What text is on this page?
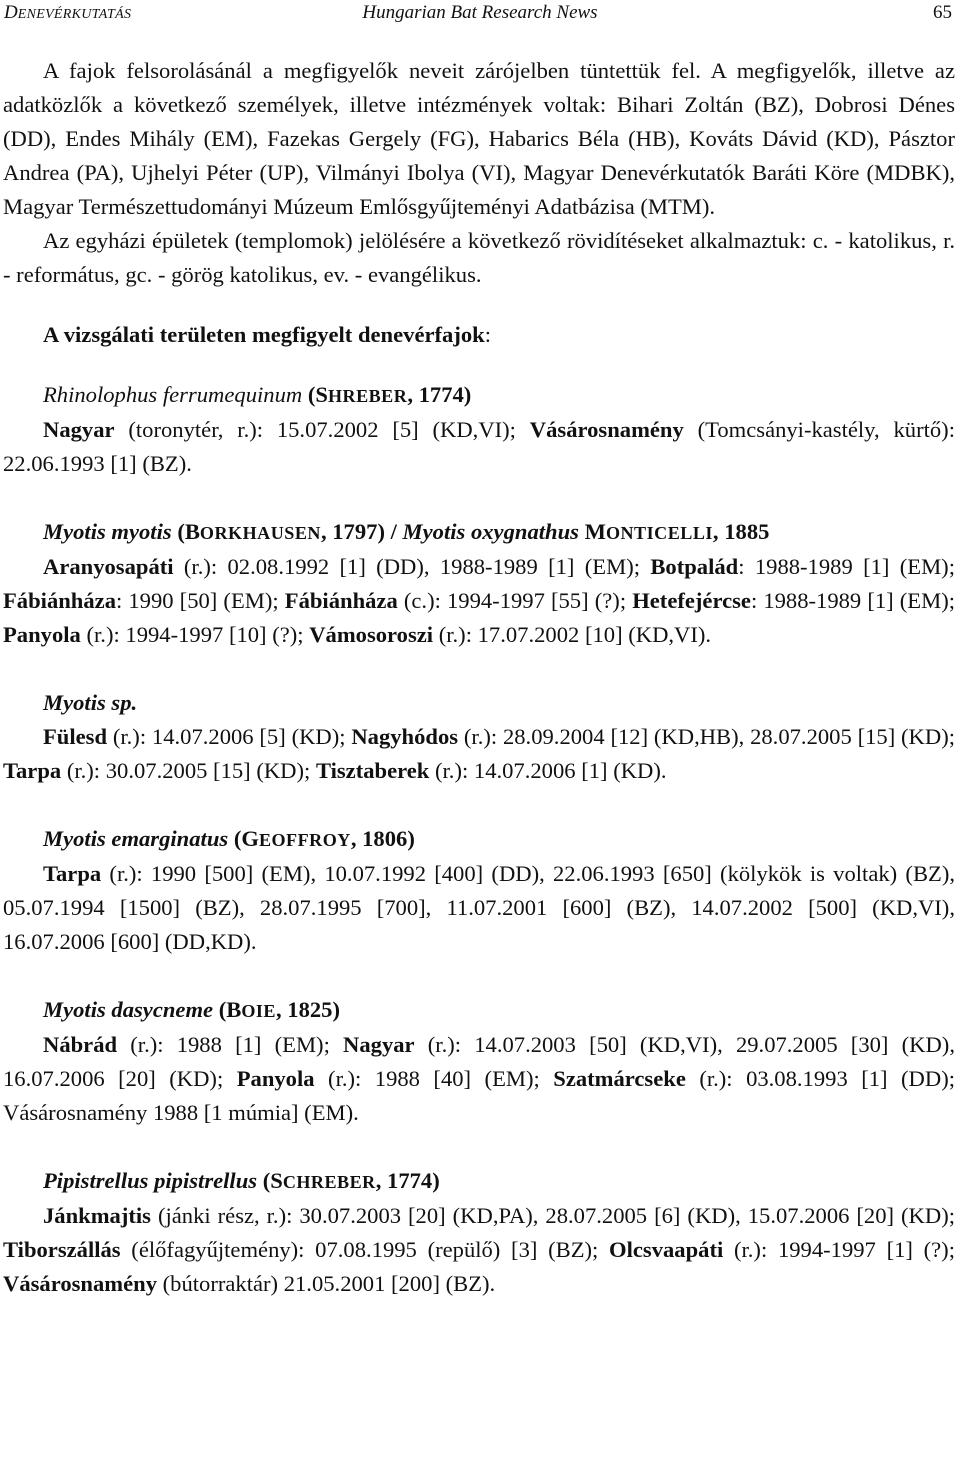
DENEVÉRKUTATÁS	Hungarian Bat Research News	65

A fajok felsorolásánál a megfigyelők neveit zárójelben tüntettük fel. A megfigyelők, illetve az adatközlők a következő személyek, illetve intézmények voltak: Bihari Zoltán (BZ), Dobrosi Dénes (DD), Endes Mihály (EM), Fazekas Gergely (FG), Habarics Béla (HB), Kováts Dávid (KD), Pásztor Andrea (PA), Ujhelyi Péter (UP), Vilmányi Ibolya (VI), Magyar Denevérkutatók Baráti Köre (MDBK), Magyar Természettudományi Múzeum Emlősgyűjteményi Adatbázisa (MTM).

Az egyházi épületek (templomok) jelölésére a következő rövidítéseket alkalmaztuk: c. - katolikus, r. - református, gc. - görög katolikus, ev. - evangélikus.

A vizsgálati területen megfigyelt denevérfajok:

Rhinolophus ferrumequinum (SHREBER, 1774)

Nagyar (toronytér, r.): 15.07.2002 [5] (KD,VI); Vásárosnamény (Tomcsányi-kastély, kürtő): 22.06.1993 [1] (BZ).

Myotis myotis (BORKHAUSEN, 1797) / Myotis oxygnathus MONTICELLI, 1885

Aranyosapáti (r.): 02.08.1992 [1] (DD), 1988-1989 [1] (EM); Botpalád: 1988-1989 [1] (EM); Fábiánháza: 1990 [50] (EM); Fábiánháza (c.): 1994-1997 [55] (?); Hetefejércse: 1988-1989 [1] (EM); Panyola (r.): 1994-1997 [10] (?); Vámosoroszi (r.): 17.07.2002 [10] (KD,VI).

Myotis sp.

Fülesd (r.): 14.07.2006 [5] (KD); Nagyhódos (r.): 28.09.2004 [12] (KD,HB), 28.07.2005 [15] (KD); Tarpa (r.): 30.07.2005 [15] (KD); Tisztaberek (r.): 14.07.2006 [1] (KD).

Myotis emarginatus (GEOFFROY, 1806)

Tarpa (r.): 1990 [500] (EM), 10.07.1992 [400] (DD), 22.06.1993 [650] (kölykök is voltak) (BZ), 05.07.1994 [1500] (BZ), 28.07.1995 [700], 11.07.2001 [600] (BZ), 14.07.2002 [500] (KD,VI), 16.07.2006 [600] (DD,KD).

Myotis dasycneme (BOIE, 1825)

Nábrád (r.): 1988 [1] (EM); Nagyar (r.): 14.07.2003 [50] (KD,VI), 29.07.2005 [30] (KD), 16.07.2006 [20] (KD); Panyola (r.): 1988 [40] (EM); Szatmárcseke (r.): 03.08.1993 [1] (DD); Vásárosnamény 1988 [1 múmia] (EM).

Pipistrellus pipistrellus (SCHREBER, 1774)

Jánkmajtis (jánki rész, r.): 30.07.2003 [20] (KD,PA), 28.07.2005 [6] (KD), 15.07.2006 [20] (KD); Tiborszállás (élőfagyűjtemény): 07.08.1995 (repülő) [3] (BZ); Olcsvaapáti (r.): 1994-1997 [1] (?); Vásárosnamény (bútorraktár) 21.05.2001 [200] (BZ).
